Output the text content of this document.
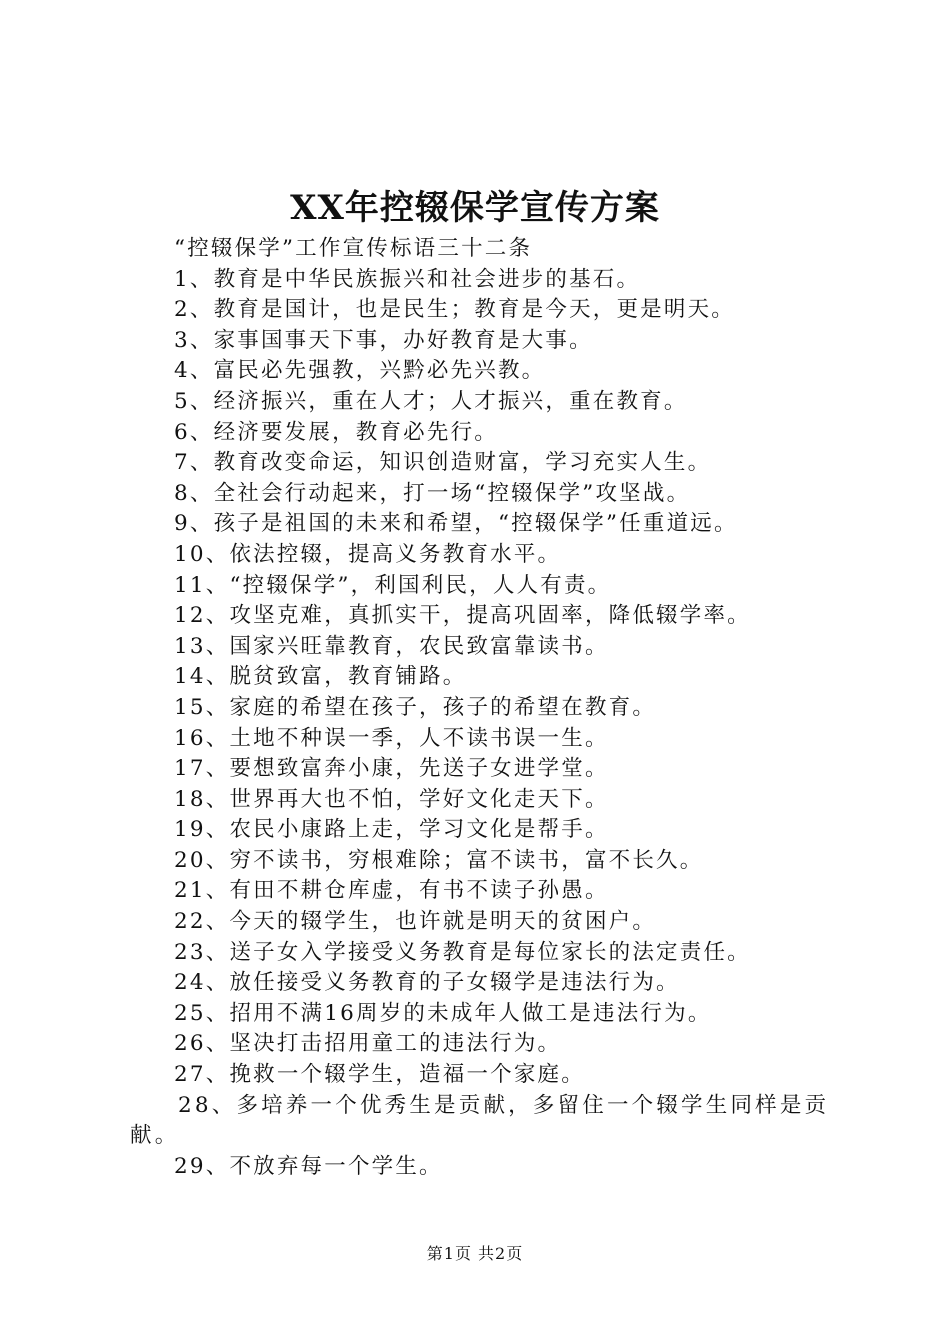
XX年控辍保学宣传方案
“控辍保学”工作宣传标语三十二条
1、教育是中华民族振兴和社会进步的基石。
2、教育是国计，也是民生；教育是今天，更是明天。
3、家事国事天下事，办好教育是大事。
4、富民必先强教，兴黔必先兴教。
5、经济振兴，重在人才；人才振兴，重在教育。
6、经济要发展，教育必先行。
7、教育改变命运，知识创造财富，学习充实人生。
8、全社会行动起来，打一场“控辍保学”攻坚战。
9、孩子是祖国的未来和希望，“控辍保学”任重道远。
10、依法控辍，提高义务教育水平。
11、“控辍保学”，利国利民，人人有责。
12、攻坚克难，真抓实干，提高巩固率，降低辍学率。
13、国家兴旺靠教育，农民致富靠读书。
14、脱贫致富，教育铺路。
15、家庭的希望在孩子，孩子的希望在教育。
16、土地不种误一季，人不读书误一生。
17、要想致富奔小康，先送子女进学堂。
18、世界再大也不怕，学好文化走天下。
19、农民小康路上走，学习文化是帮手。
20、穷不读书，穷根难除；富不读书，富不长久。
21、有田不耕仓库虚，有书不读子孙愚。
22、今天的辍学生，也许就是明天的贫困户。
23、送子女入学接受义务教育是每位家长的法定责任。
24、放任接受义务教育的子女辍学是违法行为。
25、招用不满16周岁的未成年人做工是违法行为。
26、坚决打击招用童工的违法行为。
27、挽救一个辍学生，造福一个家庭。
28、多培养一个优秀生是贡献，多留住一个辍学生同样是贡献。
29、不放弃每一个学生。
第1页 共2页
